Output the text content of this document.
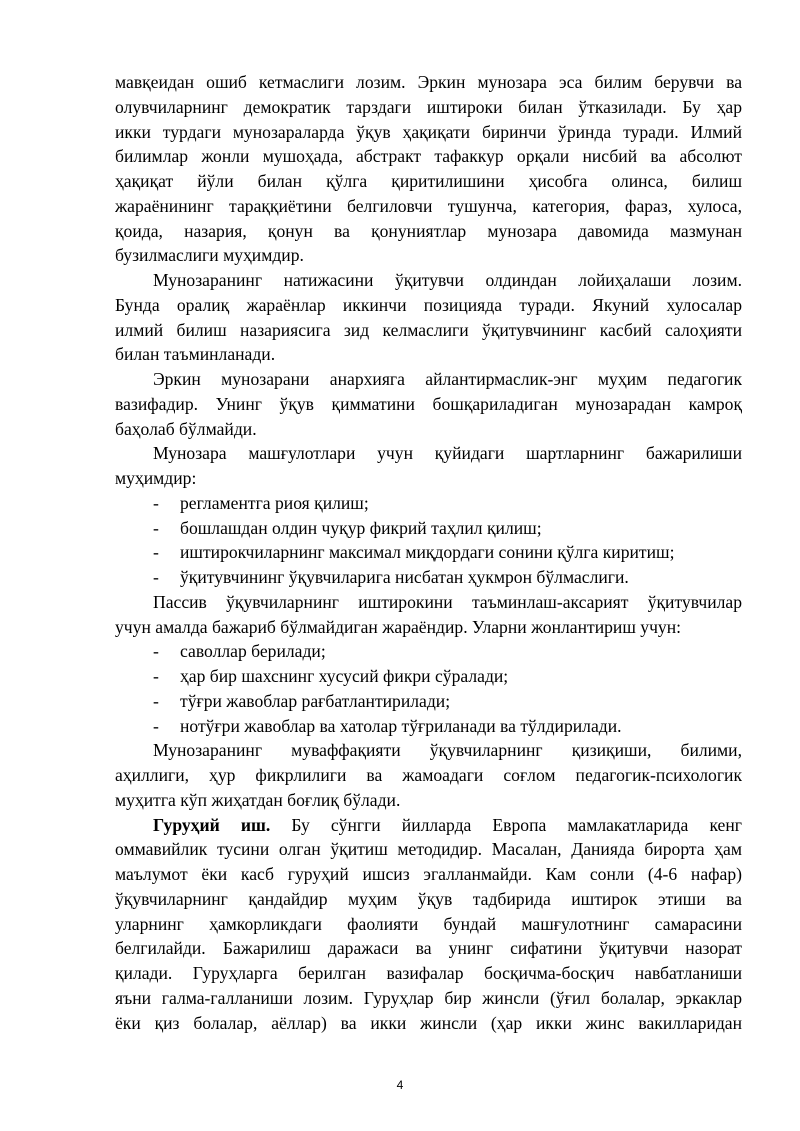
мавқеидан ошиб кетмаслиги лозим. Эркин мунозара эса билим берувчи ва
олувчиларнинг демократик тарздаги иштироки билан ўтказилади. Бу ҳар
икки турдаги мунозараларда ўқув ҳақиқати биринчи ўринда туради. Илмий
билимлар жонли мушоҳада, абстракт тафаккур орқали нисбий ва абсолют
ҳақиқат йўли билан қўлга қиритилишини ҳисобга олинса, билиш
жараёнининг тараққиётини белгиловчи тушунча, категория, фараз, хулоса,
қоида, назария, қонун ва қонуниятлар мунозара давомида мазмунан
бузилмаслиги муҳимдир.
Мунозаранинг натижасини ўқитувчи олдиндан лойиҳалаши лозим.
Бунда оралиқ жараёнлар иккинчи позицияда туради. Якуний хулосалар
илмий билиш назариясига зид келмаслиги ўқитувчининг касбий салоҳияти
билан таъминланади.
Эркин мунозарани анархияга айлантирмаслик-энг муҳим педагогик
вазифадир. Унинг ўқув қимматини бошқариладиган мунозарадан камроқ
баҳолаб бўлмайди.
Мунозара машғулотлари учун қуйидаги шартларнинг бажарилиши
муҳимдир:
- регламентга риоя қилиш;
- бошлашдан олдин чуқур фикрий таҳлил қилиш;
- иштирокчиларнинг максимал миқдордаги сонини қўлга киритиш;
- ўқитувчининг ўқувчиларига нисбатан ҳукмрон бўлмаслиги.
Пассив ўқувчиларнинг иштирокини таъминлаш-аксарият ўқитувчилар
учун амалда бажариб бўлмайдиган жараёндир. Уларни жонлантириш учун:
- саволлар берилади;
- ҳар бир шахснинг хусусий фикри сўралади;
- тўғри жавоблар рағбатлантирилади;
- нотўғри жавоблар ва хатолар тўғриланади ва тўлдирилади.
Мунозаранинг муваффақияти ўқувчиларнинг қизиқиши, билими,
аҳиллиги, ҳур фикрлилиги ва жамоадаги соғлом педагогик-психологик
муҳитга кўп жиҳатдан боғлиқ бўлади.
Гуруҳий иш. Бу сўнгги йилларда Европа мамлакатларида кенг
оммавийлик тусини олган ўқитиш методидир. Масалан, Данияда бирорта ҳам
маълумот ёки касб гуруҳий ишсиз эгалланмайди. Кам сонли (4-6 нафар)
ўқувчиларнинг қандайдир муҳим ўқув тадбирида иштирок этиши ва
уларнинг ҳамкорликдаги фаолияти бундай машғулотнинг самарасини
белгилайди. Бажарилиш даражаси ва унинг сифатини ўқитувчи назорат
қилади. Гуруҳларга берилган вазифалар босқичма-босқич навбатланиши
яъни галма-галланиши лозим. Гуруҳлар бир жинсли (ўғил болалар, эркаклар
ёки қиз болалар, аёллар) ва икки жинсли (ҳар икки жинс вакилларидан
4
